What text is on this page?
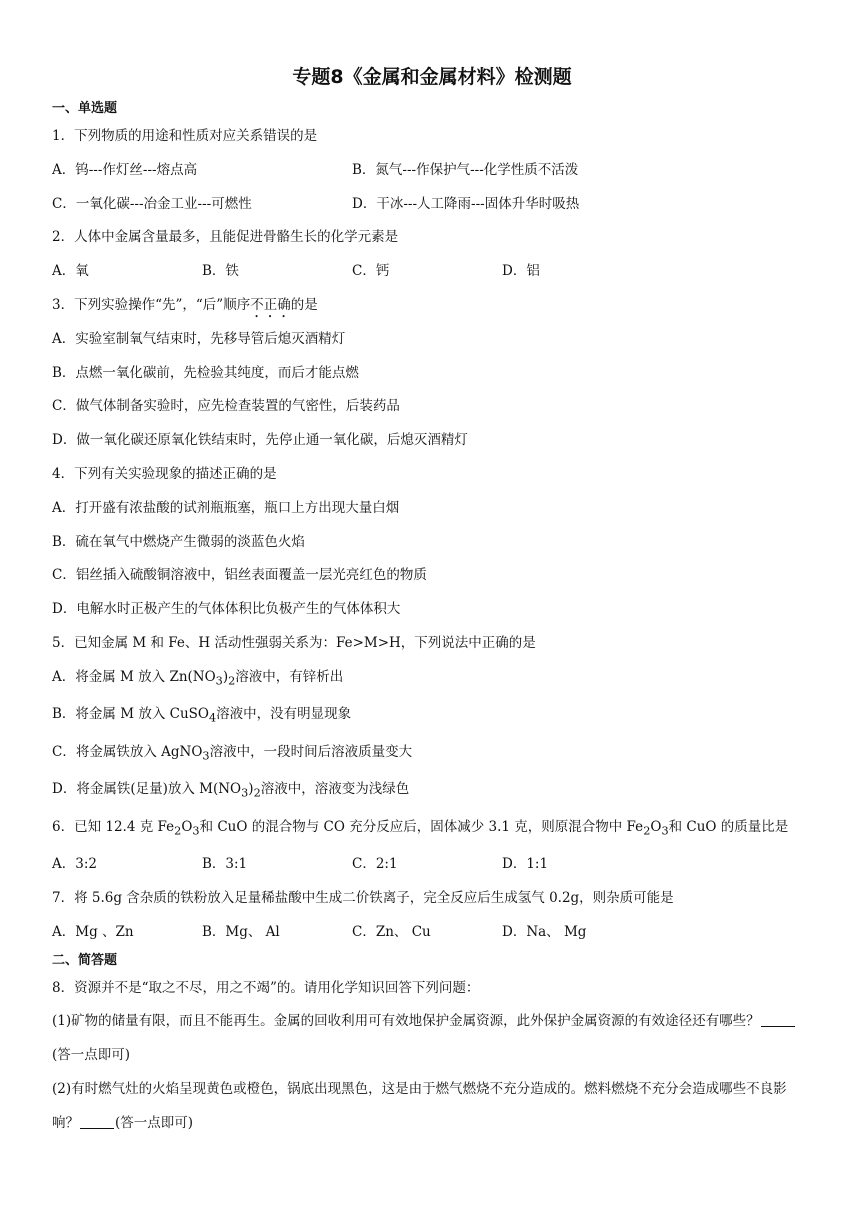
专题8《金属和金属材料》检测题
一、单选题
1．下列物质的用途和性质对应关系错误的是
A．钨---作灯丝---熔点高	B．氮气---作保护气---化学性质不活泼
C．一氧化碳---冶金工业---可燃性	D．干冰---人工降雨---固体升华时吸热
2．人体中金属含量最多，且能促进骨骼生长的化学元素是
A．氧	B．铁	C．钙	D．铝
3．下列实验操作“先”，“后”顺序不正确的是
A．实验室制氧气结束时，先移导管后熄灭酒精灯
B．点燃一氧化碳前，先检验其纯度，而后才能点燃
C．做气体制备实验时，应先检查装置的气密性，后装药品
D．做一氧化碳还原氧化铁结束时，先停止通一氧化碳，后熄灭酒精灯
4．下列有关实验现象的描述正确的是
A．打开盛有浓盐酸的试剂瓶瓶塞，瓶口上方出现大量白烟
B．硫在氧气中燃烧产生微弱的淡蓝色火焰
C．铝丝插入硫酸铜溶液中，铝丝表面覆盖一层光亮红色的物质
D．电解水时正极产生的气体体积比负极产生的气体体积大
5．已知金属 M 和 Fe、H 活动性强弱关系为：Fe>M>H，下列说法中正确的是
A．将金属 M 放入 $Zn(NO_3)_2$溶液中，有锌析出
B．将金属 M 放入 CuSO$_4$溶液中，没有明显现象
C．将金属铁放入 AgNO$_3$溶液中，一段时间后溶液质量变大
D．将金属铁(足量)放入 $M(NO_3)_2$溶液中，溶液变为浅绿色
6．已知 12.4 克 $Fe_2O_3$和 CuO 的混合物与 CO 充分反应后，固体减少 3.1 克，则原混合物中 $Fe_2O_3$和 CuO 的质量比是
A．3:2	B．3:1	C．2:1	D．1:1
7．将 5.6g 含杂质的铁粉放入足量稀盐酸中生成二价铁离子，完全反应后生成氢气 0.2g，则杂质可能是
A．Mg 、Zn	B．Mg、 Al	C．Zn、 Cu	D．Na、 Mg
二、简答题
8．资源并不是“取之不尽，用之不竭”的。请用化学知识回答下列问题：
(1)矿物的储量有限，而且不能再生。金属的回收利用可有效地保护金属资源，此外保护金属资源的有效途径还有哪些？(答一点即可)
(2)有时燃气灶的火焰呈现黄色或橙色，锅底出现黑色，这是由于燃气燃烧不充分造成的。燃料燃烧不充分会造成哪些不良影响？	(答一点即可)
